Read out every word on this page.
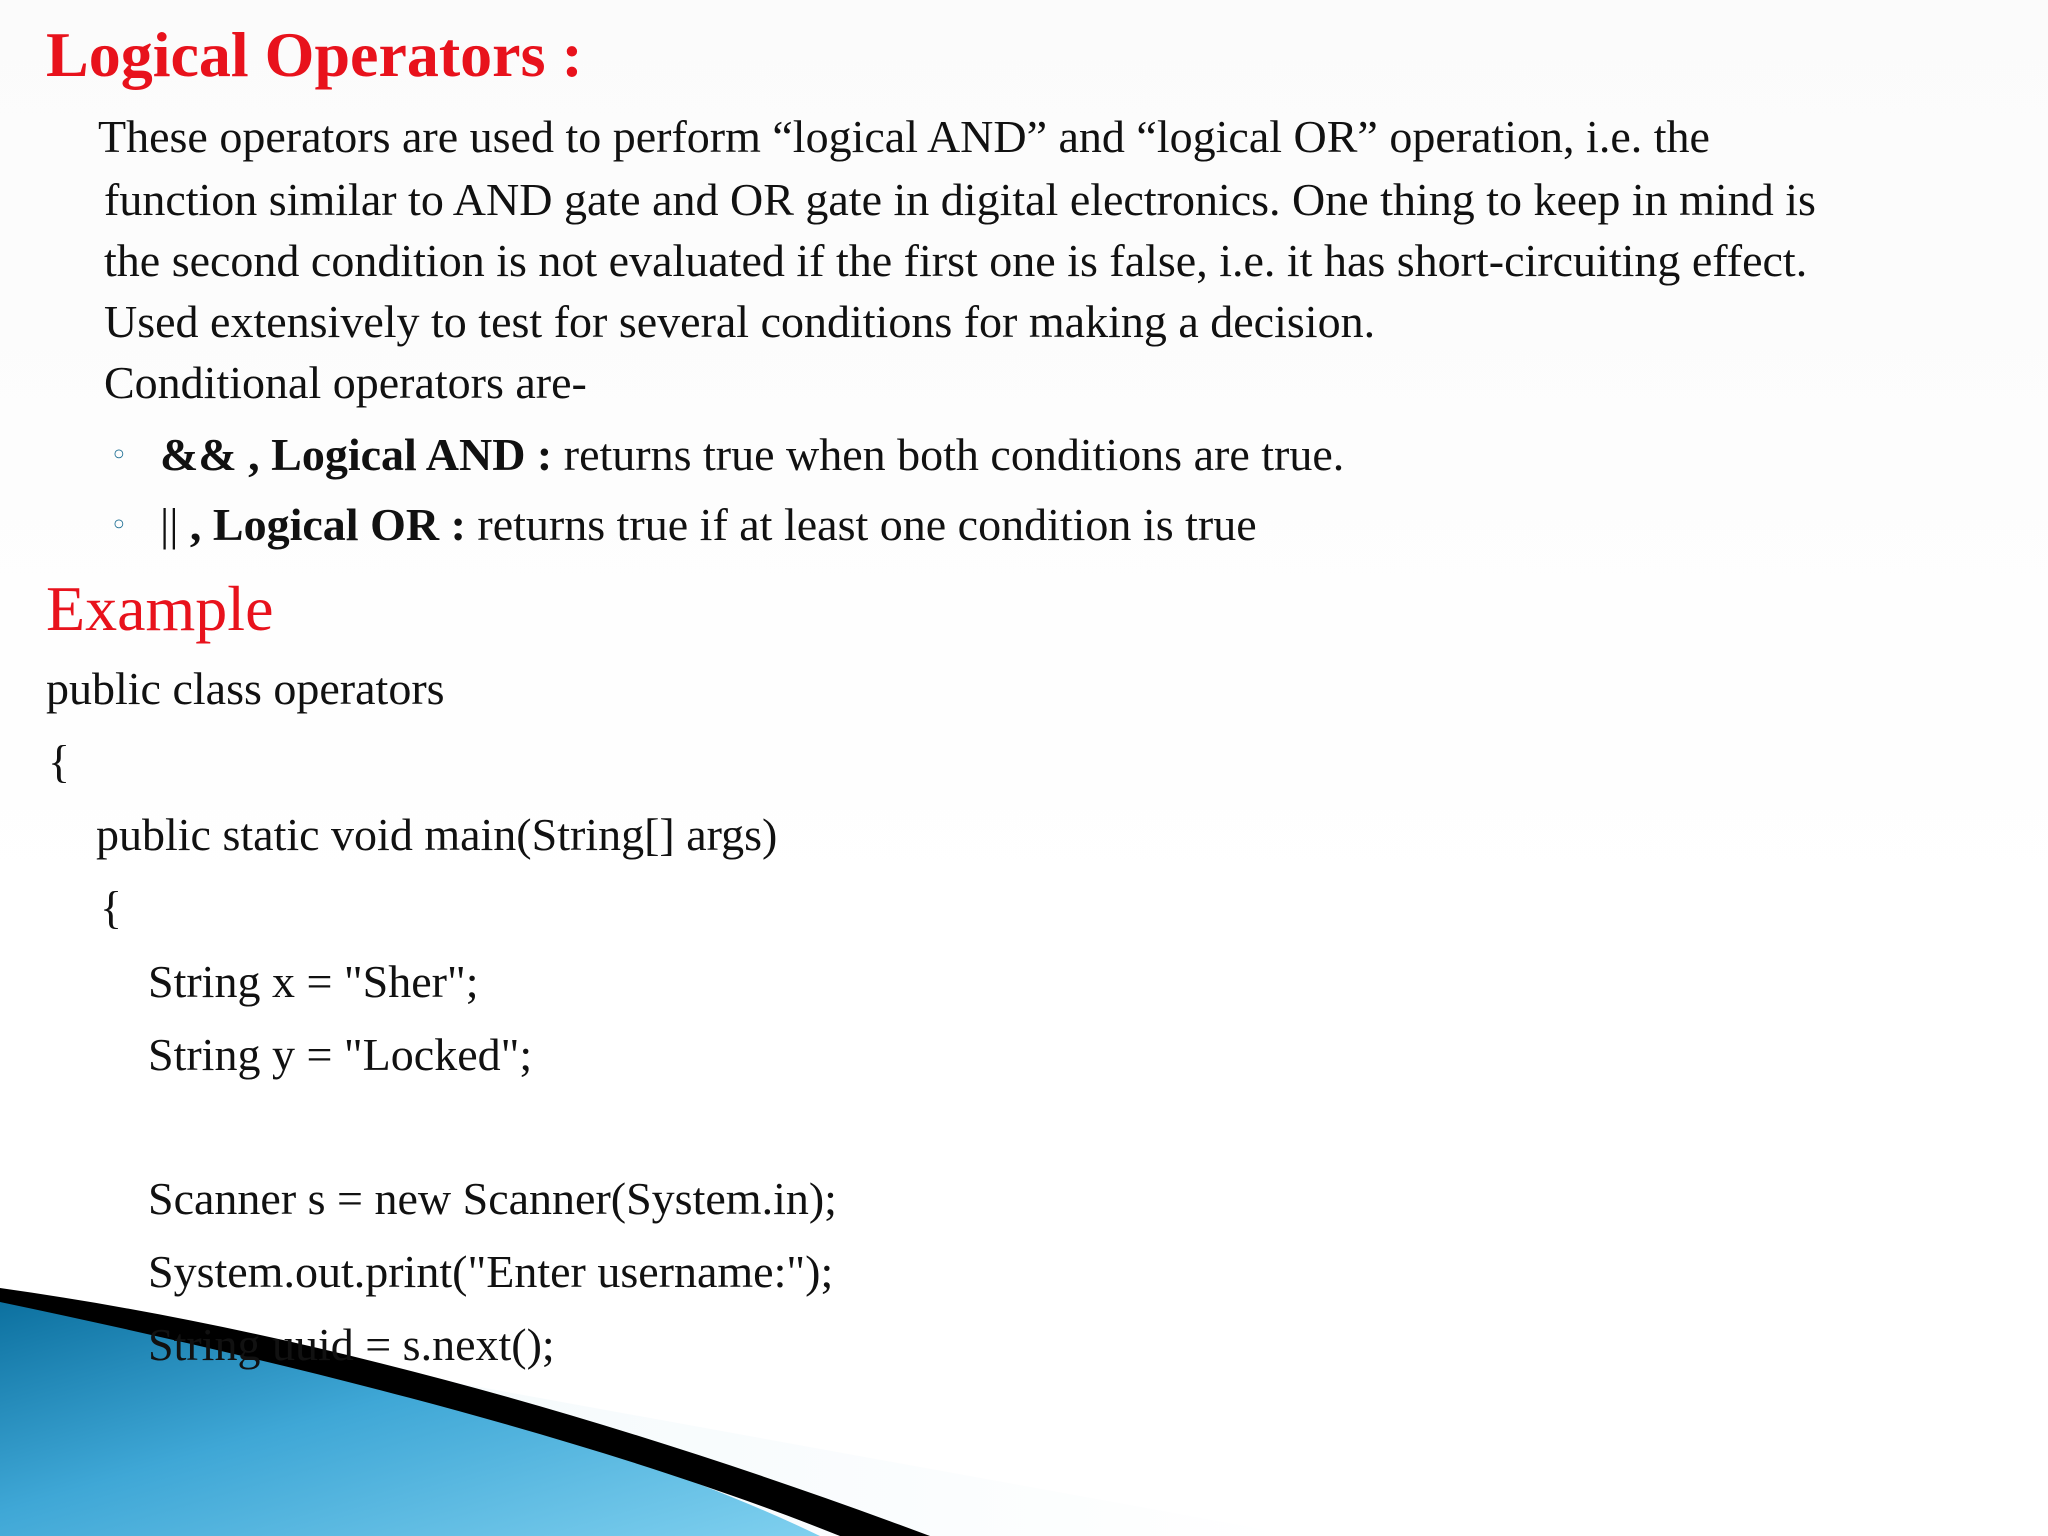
Logical Operators :
These operators are used to perform “logical AND” and “logical OR” operation, i.e. the
function similar to AND gate and OR gate in digital electronics. One thing to keep in mind is
the second condition is not evaluated if the first one is false, i.e. it has short-circuiting effect.
Used extensively to test for several conditions for making a decision.
Conditional operators are-
◦ && , Logical AND : returns true when both conditions are true.
◦ || , Logical OR : returns true if at least one condition is true
Example
public class operators
{
public static void main(String[] args)
{
String x = "Sher";
String y = "Locked";
Scanner s = new Scanner(System.in);
System.out.print("Enter username:");
String uuid = s.next();
